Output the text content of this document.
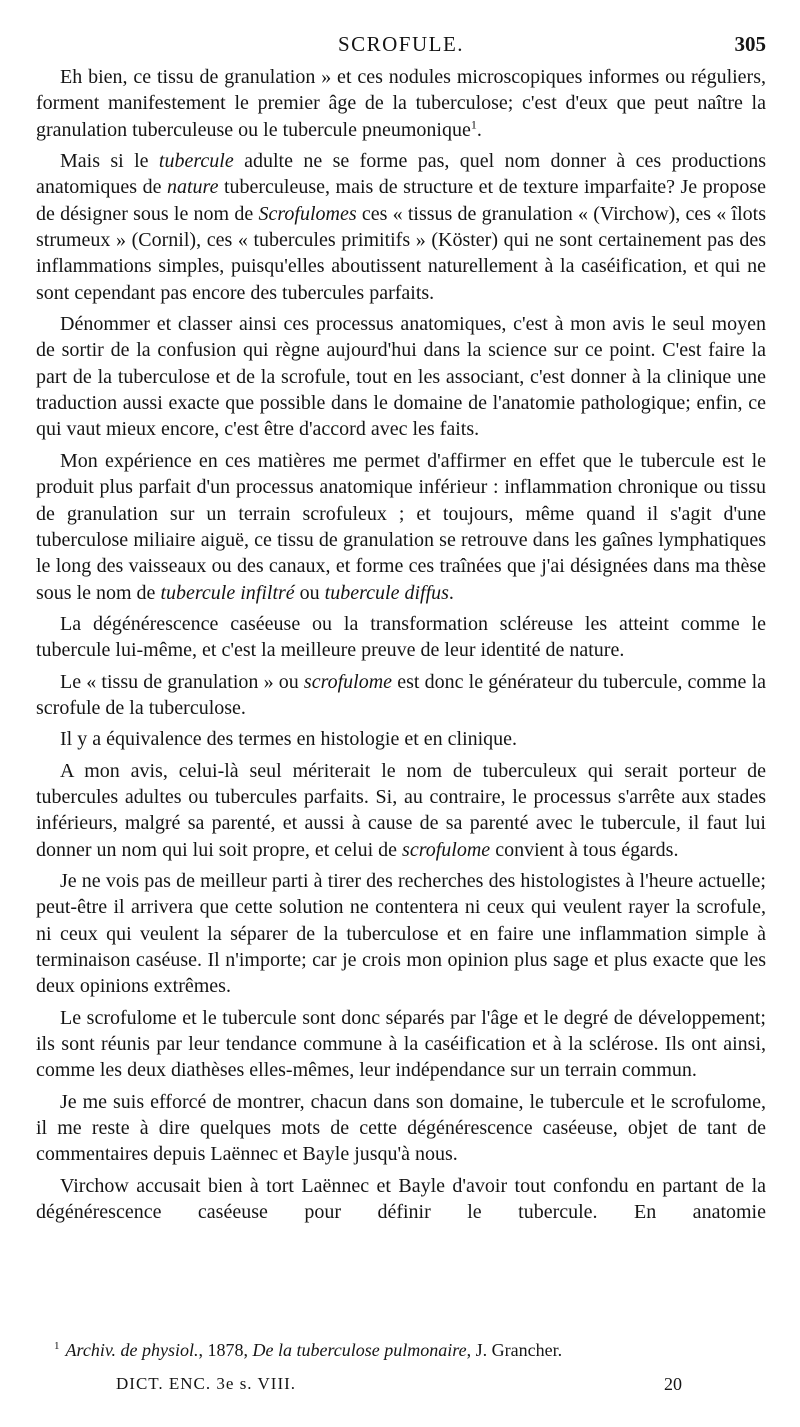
SCROFULE.	305

Eh bien, ce tissu de granulation » et ces nodules microscopiques informes ou réguliers, forment manifestement le premier âge de la tuberculose; c'est d'eux que peut naître la granulation tuberculeuse ou le tubercule pneumonique$^1$.

Mais si le tubercule adulte ne se forme pas, quel nom donner à ces productions anatomiques de nature tuberculeuse, mais de structure et de texture imparfaite? Je propose de désigner sous le nom de Scrofulomes ces « tissus de granulation « (Virchow), ces « îlots strumeux » (Cornil), ces « tubercules primitifs » (Köster) qui ne sont certainement pas des inflammations simples, puisqu'elles aboutissent naturellement à la caséification, et qui ne sont cependant pas encore des tubercules parfaits.

Dénommer et classer ainsi ces processus anatomiques, c'est à mon avis le seul moyen de sortir de la confusion qui règne aujourd'hui dans la science sur ce point. C'est faire la part de la tuberculose et de la scrofule, tout en les associant, c'est donner à la clinique une traduction aussi exacte que possible dans le domaine de l'anatomie pathologique; enfin, ce qui vaut mieux encore, c'est être d'accord avec les faits.

Mon expérience en ces matières me permet d'affirmer en effet que le tubercule est le produit plus parfait d'un processus anatomique inférieur : inflammation chronique ou tissu de granulation sur un terrain scrofuleux ; et toujours, même quand il s'agit d'une tuberculose miliaire aiguë, ce tissu de granulation se retrouve dans les gaînes lymphatiques le long des vaisseaux ou des canaux, et forme ces traînées que j'ai désignées dans ma thèse sous le nom de tubercule infiltré ou tubercule diffus.

La dégénérescence caséeuse ou la transformation scléreuse les atteint comme le tubercule lui-même, et c'est la meilleure preuve de leur identité de nature.

Le « tissu de granulation » ou scrofulome est donc le générateur du tubercule, comme la scrofule de la tuberculose.

Il y a équivalence des termes en histologie et en clinique.

A mon avis, celui-là seul mériterait le nom de tuberculeux qui serait porteur de tubercules adultes ou tubercules parfaits. Si, au contraire, le processus s'arrête aux stades inférieurs, malgré sa parenté, et aussi à cause de sa parenté avec le tubercule, il faut lui donner un nom qui lui soit propre, et celui de scrofulome convient à tous égards.

Je ne vois pas de meilleur parti à tirer des recherches des histologistes à l'heure actuelle; peut-être il arrivera que cette solution ne contentera ni ceux qui veulent rayer la scrofule, ni ceux qui veulent la séparer de la tuberculose et en faire une inflammation simple à terminaison caséuse. Il n'importe; car je crois mon opinion plus sage et plus exacte que les deux opinions extrêmes.

Le scrofulome et le tubercule sont donc séparés par l'âge et le degré de développement; ils sont réunis par leur tendance commune à la caséification et à la sclérose. Ils ont ainsi, comme les deux diathèses elles-mêmes, leur indépendance sur un terrain commun.

Je me suis efforcé de montrer, chacun dans son domaine, le tubercule et le scrofulome, il me reste à dire quelques mots de cette dégénérescence caséeuse, objet de tant de commentaires depuis Laënnec et Bayle jusqu'à nous.

Virchow accusait bien à tort Laënnec et Bayle d'avoir tout confondu en partant de la dégénérescence caséeuse pour définir le tubercule. En anatomie

$^1$ Archiv. de physiol., 1878, De la tuberculose pulmonaire, J. Grancher.
DICT. ENC. 3e s. VIII.	20
